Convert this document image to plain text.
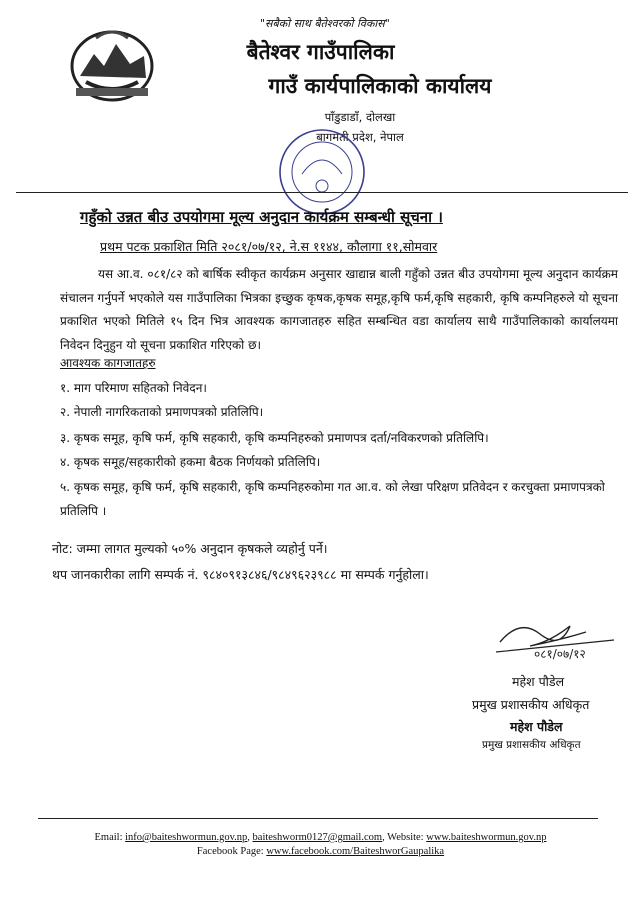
"सबैको साथ बैतेश्वरको विकास"
बैतेश्वर गाउँपालिका
गाउँ कार्यपालिकाको कार्यालय
पाँडुडाडाँ, दोलखा
बागमती प्रदेश, नेपाल
गहुँको उन्नत बीउ उपयोगमा मूल्य अनुदान कार्यक्रम सम्बन्धी सूचना ।
प्रथम पटक प्रकाशित मिति २०८१/०७/१२, ने.स ११४४, कौलागा ११,सोमवार
यस आ.व. ०८१/८२ को बार्षिक स्वीकृत कार्यक्रम अनुसार खाद्यान्न बाली गहुँको उन्नत बीउ उपयोगमा मूल्य अनुदान कार्यक्रम संचालन गर्नुपर्ने भएकोले यस गाउँपालिका भित्रका इच्छुक कृषक,कृषक समूह,कृषि फर्म,कृषि सहकारी, कृषि कम्पनिहरुले यो सूचना प्रकाशित भएको मितिले १५ दिन भित्र आवश्यक कागजातहरु सहित सम्बन्धित वडा कार्यालय साथै गाउँपालिकाको कार्यालयमा निवेदन दिनुहुन यो सूचना प्रकाशित गरिएको छ।
आवश्यक कागजातहरु
१. माग परिमाण सहितको निवेदन।
२. नेपाली नागरिकताको प्रमाणपत्रको प्रतिलिपि।
३. कृषक समूह, कृषि फर्म, कृषि सहकारी, कृषि कम्पनिहरुको प्रमाणपत्र दर्ता/नविकरणको प्रतिलिपि।
४. कृषक समूह/सहकारीको हकमा बैठक निर्णयको प्रतिलिपि।
५. कृषक समूह, कृषि फर्म, कृषि सहकारी, कृषि कम्पनिहरुकोमा गत आ.व. को लेखा परिक्षण प्रतिवेदन र करचुक्ता प्रमाणपत्रको प्रतिलिपि ।
नोट: जम्मा लागत मुल्यको ५०% अनुदान कृषकले व्यहोर्नु पर्ने।
थप जानकारीका लागि सम्पर्क नं. ९८४०९१३८४६/९८४९६२३९८८ मा सम्पर्क गर्नुहोला।
०८१/०७/१२
महेश पौडेल
प्रमुख प्रशासकीय अधिकृत
महेश पौडेल
प्रमुख प्रशासकीय अधिकृत
Email: info@baiteshwormun.gov.np, baiteshworm0127@gmail.com, Website: www.baiteshwormun.gov.np
Facebook Page: www.facebook.com/BaiteshworGaupalika
